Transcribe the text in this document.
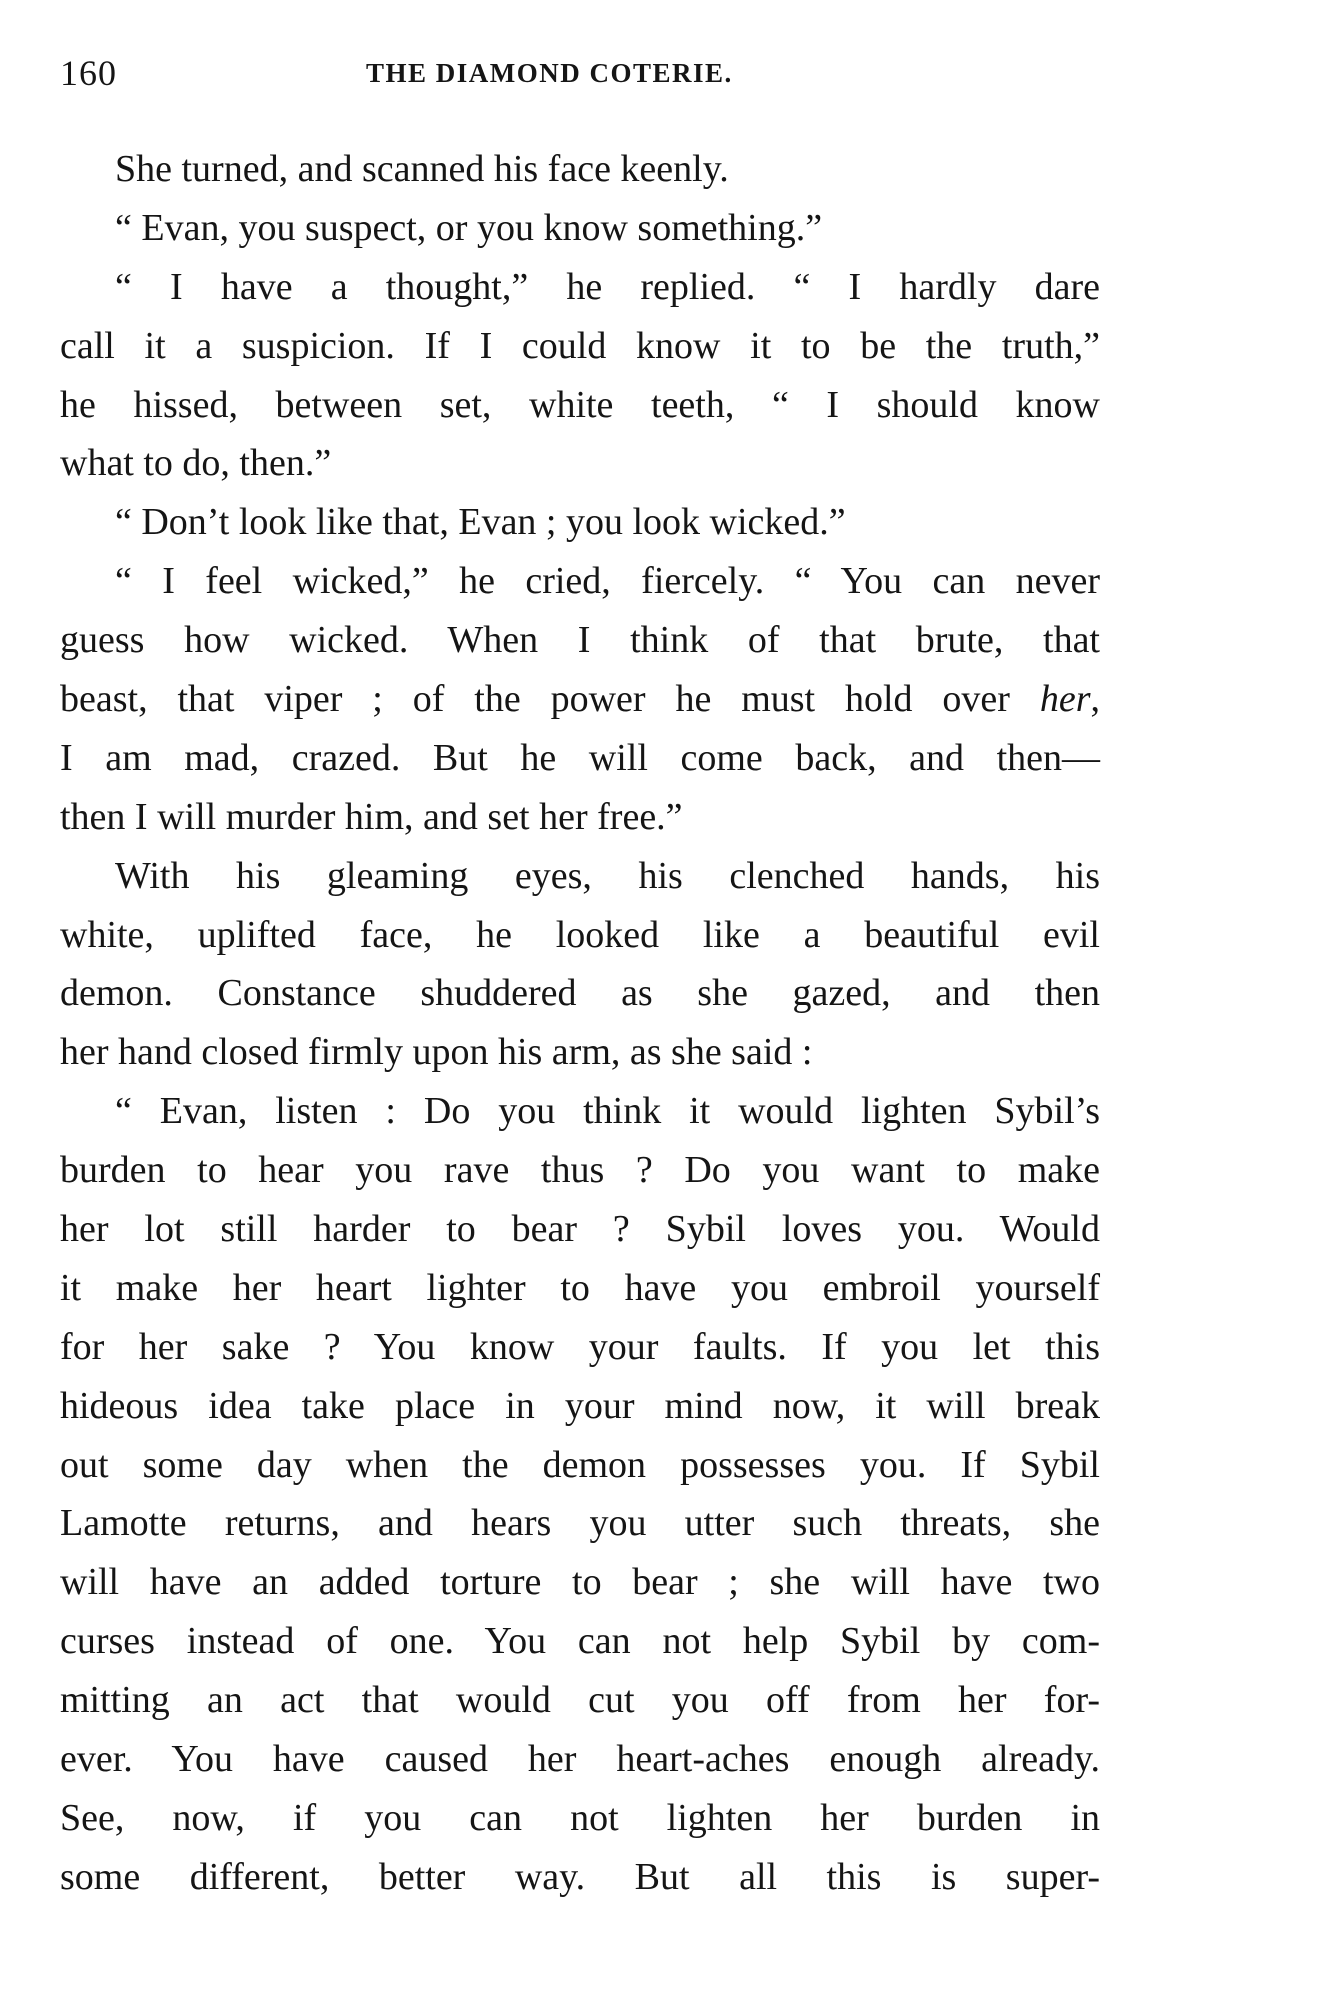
160	THE DIAMOND COTERIE.
She turned, and scanned his face keenly.
“ Evan, you suspect, or you know something.”
“ I have a thought,” he replied. “ I hardly dare
call it a suspicion. If I could know it to be the truth,”
he hissed, between set, white teeth, “ I should know
what to do, then.”
“ Don’t look like that, Evan ; you look wicked.”
“ I feel wicked,” he cried, fiercely. “ You can never
guess how wicked. When I think of that brute, that
beast, that viper ; of the power he must hold over her,
I am mad, crazed. But he will come back, and then—
then I will murder him, and set her free.”
With his gleaming eyes, his clenched hands, his
white, uplifted face, he looked like a beautiful evil
demon. Constance shuddered as she gazed, and then
her hand closed firmly upon his arm, as she said :
“ Evan, listen : Do you think it would lighten Sybil’s
burden to hear you rave thus ? Do you want to make
her lot still harder to bear ? Sybil loves you. Would
it make her heart lighter to have you embroil yourself
for her sake ? You know your faults. If you let this
hideous idea take place in your mind now, it will break
out some day when the demon possesses you. If Sybil
Lamotte returns, and hears you utter such threats, she
will have an added torture to bear ; she will have two
curses instead of one. You can not help Sybil by com-
mitting an act that would cut you off from her for-
ever. You have caused her heart-aches enough already.
See, now, if you can not lighten her burden in
some different, better way. But all this is super-
